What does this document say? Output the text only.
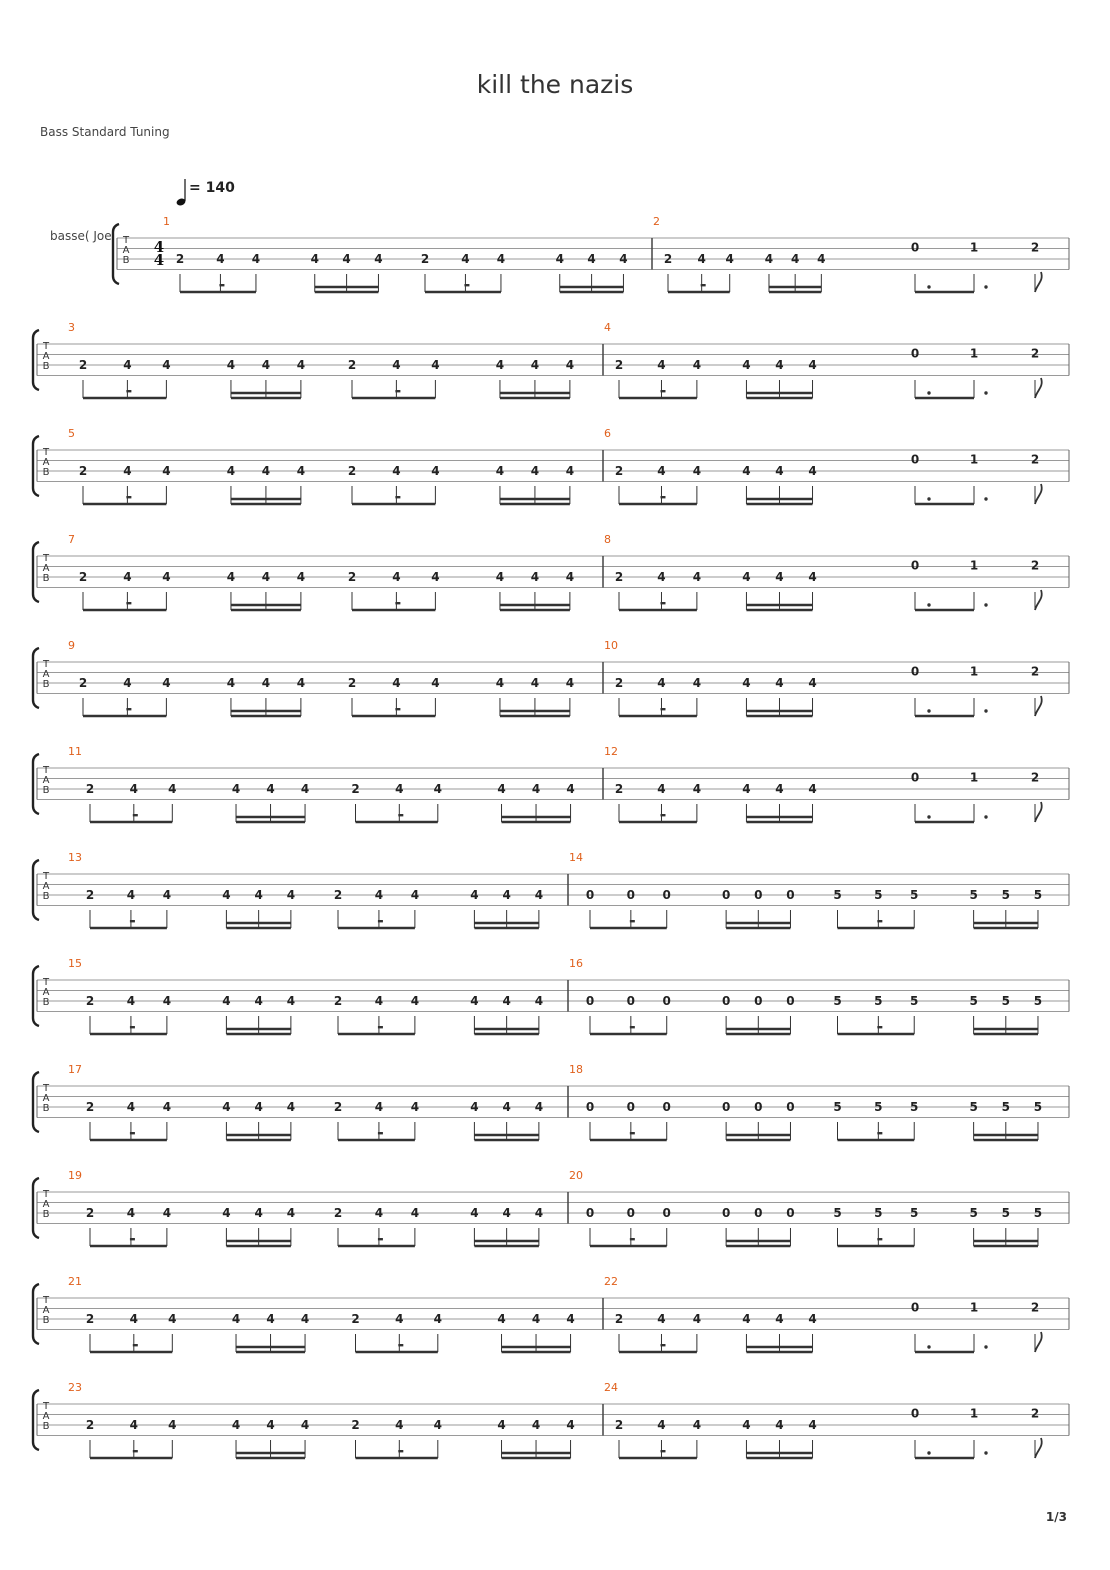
kill the nazis
Bass Standard Tuning
= 140
basse( Joe T
A
B
4
4
1	2
2	4 4	4 4 4	2	4 4	4 4 4	2 4 4	4 4 4
0	1	2
T
A
B
3	4
2	4	4	4 4 4	2	4	4	4 4 4	2	4 4	4 4 4
0	1	2
T
A
B
5	6
2	4	4	4 4 4	2	4	4	4 4 4	2	4 4	4 4 4
0	1	2
T
A
B
7	8
2	4	4	4 4 4	2	4	4	4 4 4	2	4 4	4 4 4
0	1	2
T
A
B
9	10
2	4	4	4 4 4	2	4	4	4 4 4	2	4 4	4 4 4
0	1	2
T
A
B
11	12
2	4	4	4 4 4	2	4	4	4 4 4	2	4 4	4 4 4
0	1	2
T
A
B
13	14
2	4 4	4 4 4	2	4 4	4 4 4	0	0 0	0 0 0	5	5 5	5 5 5
T
A
B
15	16
2	4 4	4 4 4	2	4 4	4 4 4	0	0 0	0 0 0	5	5 5	5 5 5
T
A
B
17	18
2	4 4	4 4 4	2	4 4	4 4 4	0	0 0	0 0 0	5	5 5	5 5 5
T
A
B
19	20
2	4 4	4 4 4	2	4 4	4 4 4	0	0 0	0 0 0	5	5 5	5 5 5
T
A
B
21	22
2	4	4	4 4 4	2	4	4	4 4 4	2	4 4	4 4 4
0	1	2
T
A
B
23	24
2	4	4	4 4 4	2	4	4	4 4 4	2	4 4	4 4 4
0	1	2
1/3
